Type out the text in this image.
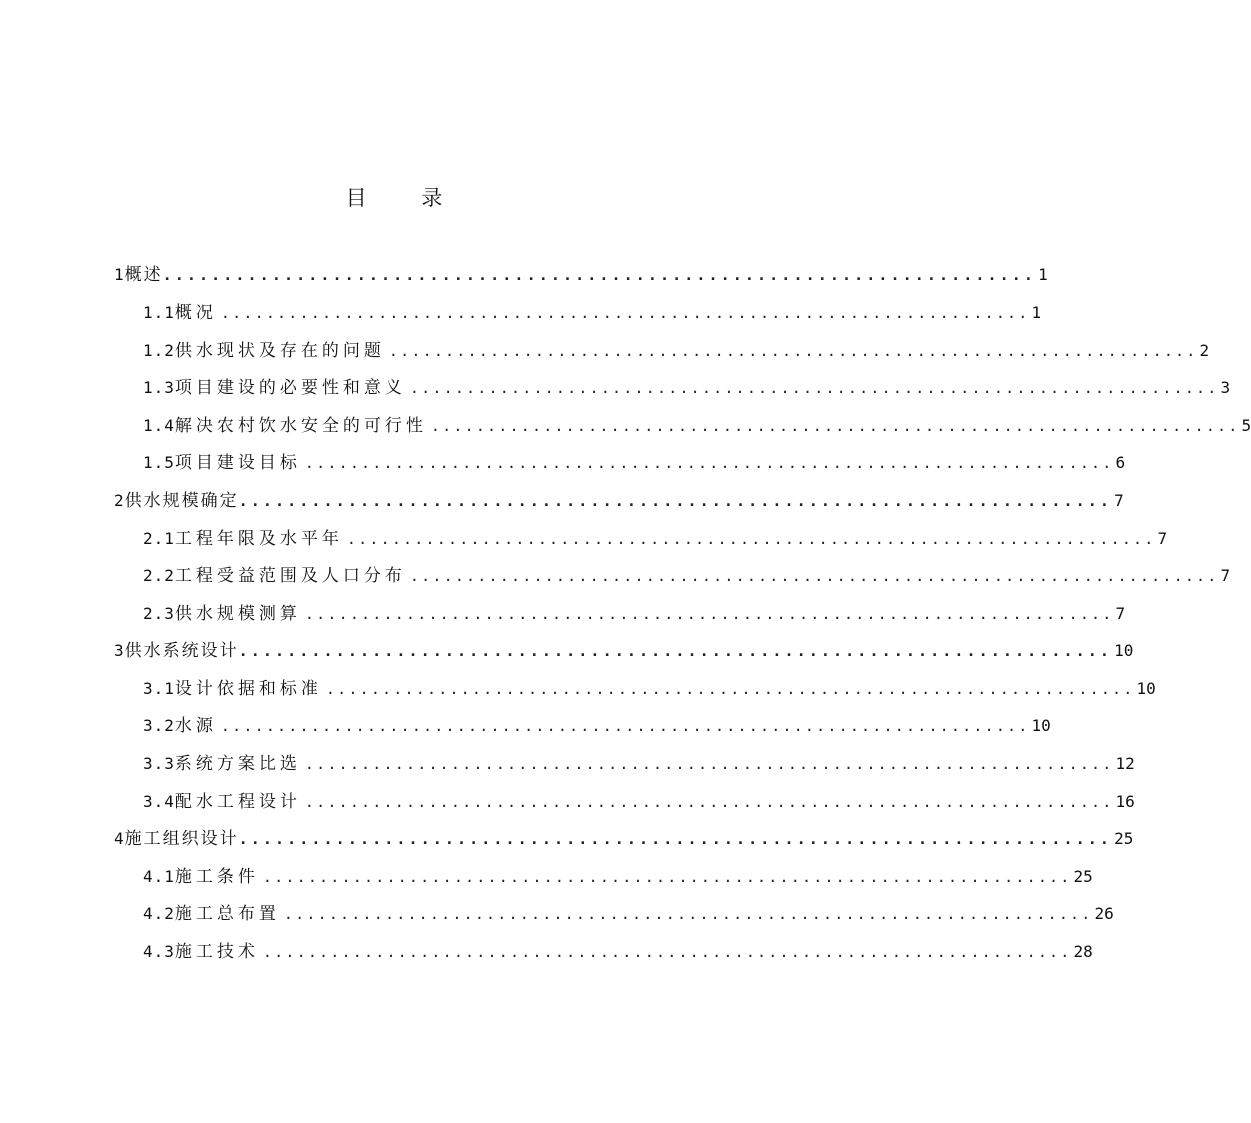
目 录
1 概述 ........................................................................ 1
1.1 概况 ........................................................................ 1
1.2 供水现状及存在的问题 ........................................................................ 2
1.3 项目建设的必要性和意义 ........................................................................ 3
1.4 解决农村饮水安全的可行性 ........................................................................ 5
1.5 项目建设目标 ........................................................................ 6
2 供水规模确定 ........................................................................ 7
2.1 工程年限及水平年 ........................................................................ 7
2.2 工程受益范围及人口分布 ........................................................................ 7
2.3 供水规模测算 ........................................................................ 7
3 供水系统设计 ........................................................................ 10
3.1 设计依据和标准 ........................................................................ 10
3.2 水源 ........................................................................ 10
3.3 系统方案比选 ........................................................................ 12
3.4 配水工程设计 ........................................................................ 16
4 施工组织设计 ........................................................................ 25
4.1 施工条件 ........................................................................ 25
4.2 施工总布置 ........................................................................ 26
4.3 施工技术 ........................................................................ 28
